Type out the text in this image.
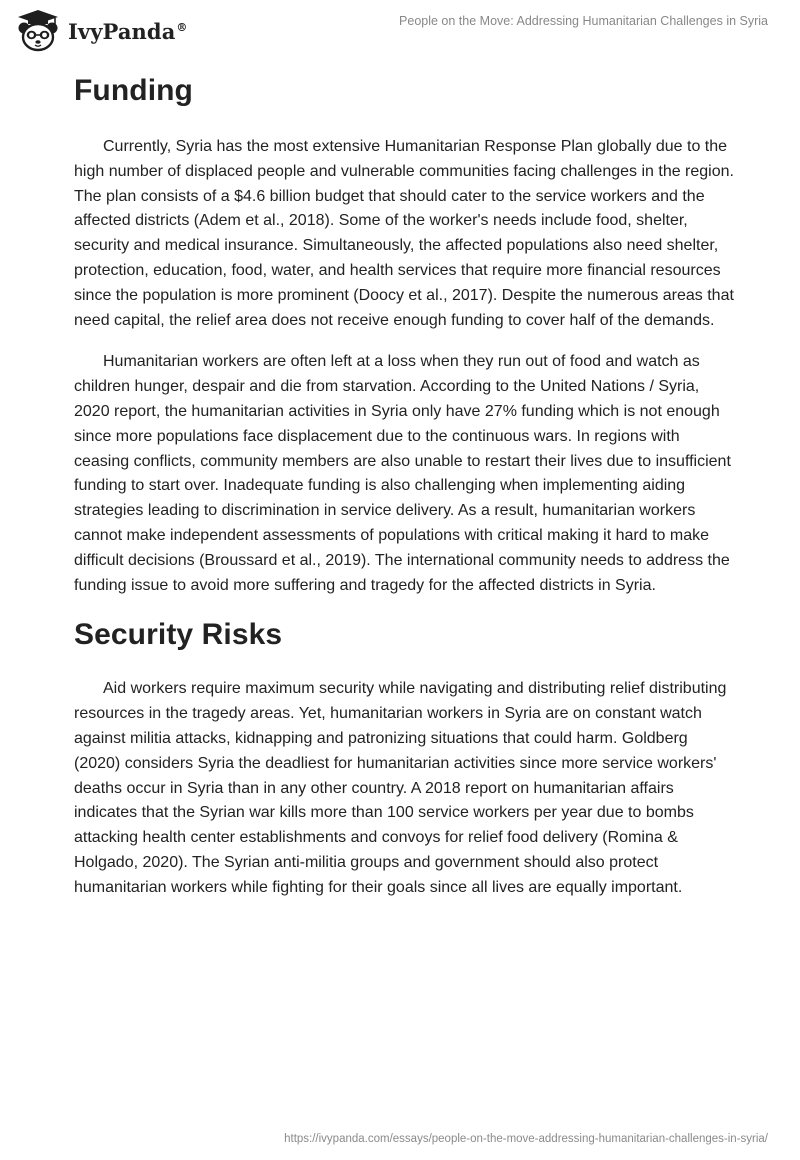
IvyPanda®	People on the Move: Addressing Humanitarian Challenges in Syria
Funding

Currently, Syria has the most extensive Humanitarian Response Plan globally due to the high number of displaced people and vulnerable communities facing challenges in the region. The plan consists of a $4.6 billion budget that should cater to the service workers and the affected districts (Adem et al., 2018). Some of the worker's needs include food, shelter, security and medical insurance. Simultaneously, the affected populations also need shelter, protection, education, food, water, and health services that require more financial resources since the population is more prominent (Doocy et al., 2017). Despite the numerous areas that need capital, the relief area does not receive enough funding to cover half of the demands.

Humanitarian workers are often left at a loss when they run out of food and watch as children hunger, despair and die from starvation. According to the United Nations / Syria, 2020 report, the humanitarian activities in Syria only have 27% funding which is not enough since more populations face displacement due to the continuous wars. In regions with ceasing conflicts, community members are also unable to restart their lives due to insufficient funding to start over. Inadequate funding is also challenging when implementing aiding strategies leading to discrimination in service delivery. As a result, humanitarian workers cannot make independent assessments of populations with critical making it hard to make difficult decisions (Broussard et al., 2019). The international community needs to address the funding issue to avoid more suffering and tragedy for the affected districts in Syria.

Security Risks

Aid workers require maximum security while navigating and distributing relief distributing resources in the tragedy areas. Yet, humanitarian workers in Syria are on constant watch against militia attacks, kidnapping and patronizing situations that could harm. Goldberg (2020) considers Syria the deadliest for humanitarian activities since more service workers' deaths occur in Syria than in any other country. A 2018 report on humanitarian affairs indicates that the Syrian war kills more than 100 service workers per year due to bombs attacking health center establishments and convoys for relief food delivery (Romina & Holgado, 2020). The Syrian anti-militia groups and government should also protect humanitarian workers while fighting for their goals since all lives are equally important.

https://ivypanda.com/essays/people-on-the-move-addressing-humanitarian-challenges-in-syria/
